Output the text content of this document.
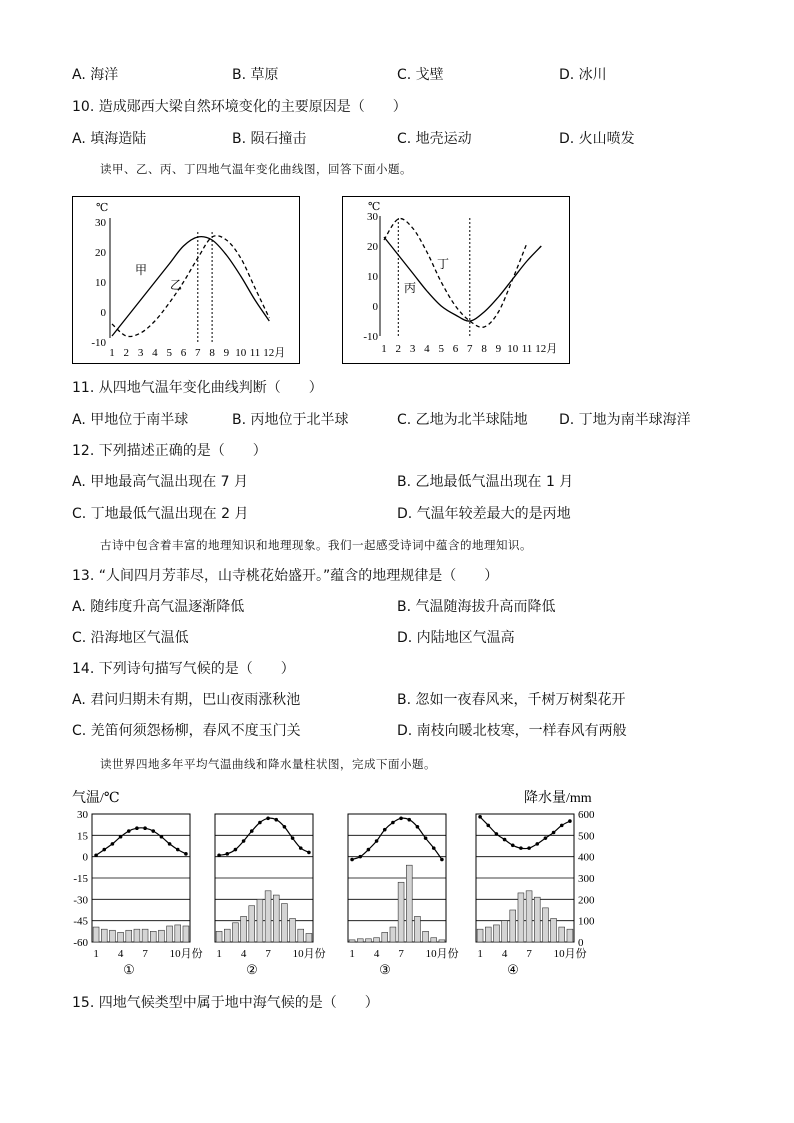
A. 海洋	B. 草原	C. 戈壁	D. 冰川
10. 造成郧西大梁自然环境变化的主要原因是（　　）
A. 填海造陆	B. 陨石撞击	C. 地壳运动	D. 火山喷发
读甲、乙、丙、丁四地气温年变化曲线图，回答下面小题。
30
20
10
0
-10
1 2 3 4 5 6 7 8 9 10 11 12月
℃
甲
乙
30
20
10
0
-10
1 2 3 4 5 6 7 8 9 10 11 12月
℃
丙
丁
11. 从四地气温年变化曲线判断（　　）
A. 甲地位于南半球	B. 丙地位于北半球	C. 乙地为北半球陆地 D. 丁地为南半球海洋
12. 下列描述正确的是（　　）
A. 甲地最高气温出现在 7 月	B. 乙地最低气温出现在 1 月
C. 丁地最低气温出现在 2 月	D. 气温年较差最大的是丙地
古诗中包含着丰富的地理知识和地理现象。我们一起感受诗词中蕴含的地理知识。
13. “人间四月芳菲尽，山寺桃花始盛开。”蕴含的地理规律是（　　）
A. 随纬度升高气温逐渐降低	B. 气温随海拔升高而降低
C. 沿海地区气温低	D. 内陆地区气温高
14. 下列诗句描写气候的是（　　）
A. 君问归期未有期，巴山夜雨涨秋池	B. 忽如一夜春风来，千树万树梨花开
C. 羌笛何须怨杨柳，春风不度玉门关	D. 南枝向暖北枝寒，一样春风有两般
读世界四地多年平均气温曲线和降水量柱状图，完成下面小题。
气温/℃	降水量/mm
30
15
0
-15
-30
-45
-60
600
500
400
300
200
100
0
1 4 7 10月份
①
1 4 7 10月份
②
1 4 7 10月份
③
1 4 7 10月份
④
15. 四地气候类型中属于地中海气候的是（　　）
